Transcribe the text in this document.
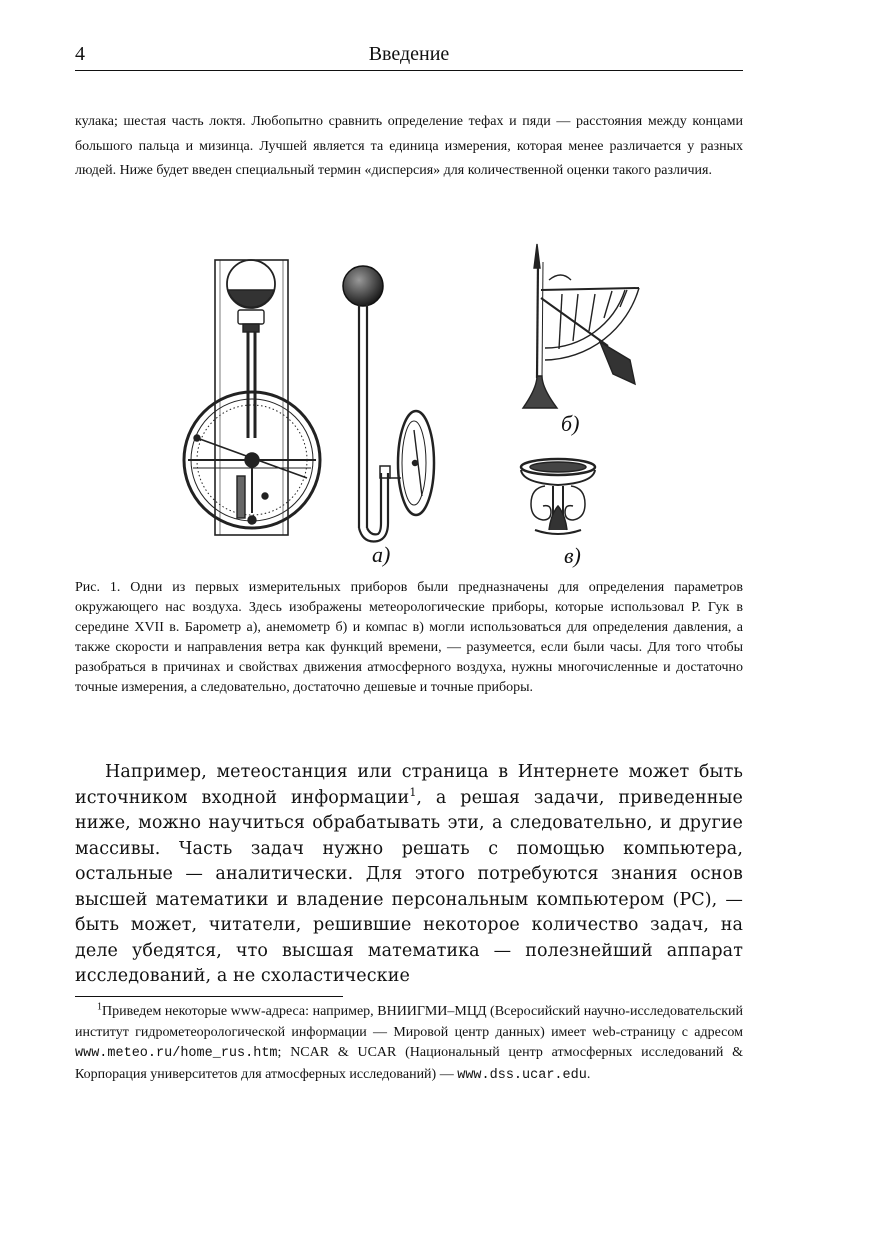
4	Введение

кулака; шестая часть локтя. Любопытно сравнить определение тефах и пяди — расстояния между концами большого пальца и мизинца. Лучшей является та единица измерения, которая менее различается у разных людей. Ниже будет введен специальный термин «дисперсия» для количественной оценки такого различия.

а)
б)
в)

Рис. 1. Одни из первых измерительных приборов были предназначены для определения параметров окружающего нас воздуха. Здесь изображены метеорологические приборы, которые использовал Р. Гук в середине XVII в. Барометр а), анемометр б) и компас в) могли использоваться для определения давления, а также скорости и направления ветра как функций времени, — разумеется, если были часы. Для того чтобы разобраться в причинах и свойствах движения атмосферного воздуха, нужны многочисленные и достаточно точные измерения, а следовательно, достаточно дешевые и точные приборы.

Например, метеостанция или страница в Интернете может быть источником входной информации$^1$, а решая задачи, приведенные ниже, можно научиться обрабатывать эти, а следовательно, и другие массивы. Часть задач нужно решать с помощью компьютера, остальные — аналитически. Для этого потребуются знания основ высшей математики и владение персональным компьютером (PC), — быть может, читатели, решившие некоторое количество задач, на деле убедятся, что высшая математика — полезнейший аппарат исследований, а не схоластические

$^1$Приведем некоторые www-адреса: например, ВНИИГМИ–МЦД (Всеросийский научно-исследовательский институт гидрометеорологической информации — Мировой центр данных) имеет web-страницу с адресом www.meteo.ru/home_rus.htm; NCAR & UCAR (Национальный центр атмосферных исследований & Корпорация университетов для атмосферных исследований) — www.dss.ucar.edu.
